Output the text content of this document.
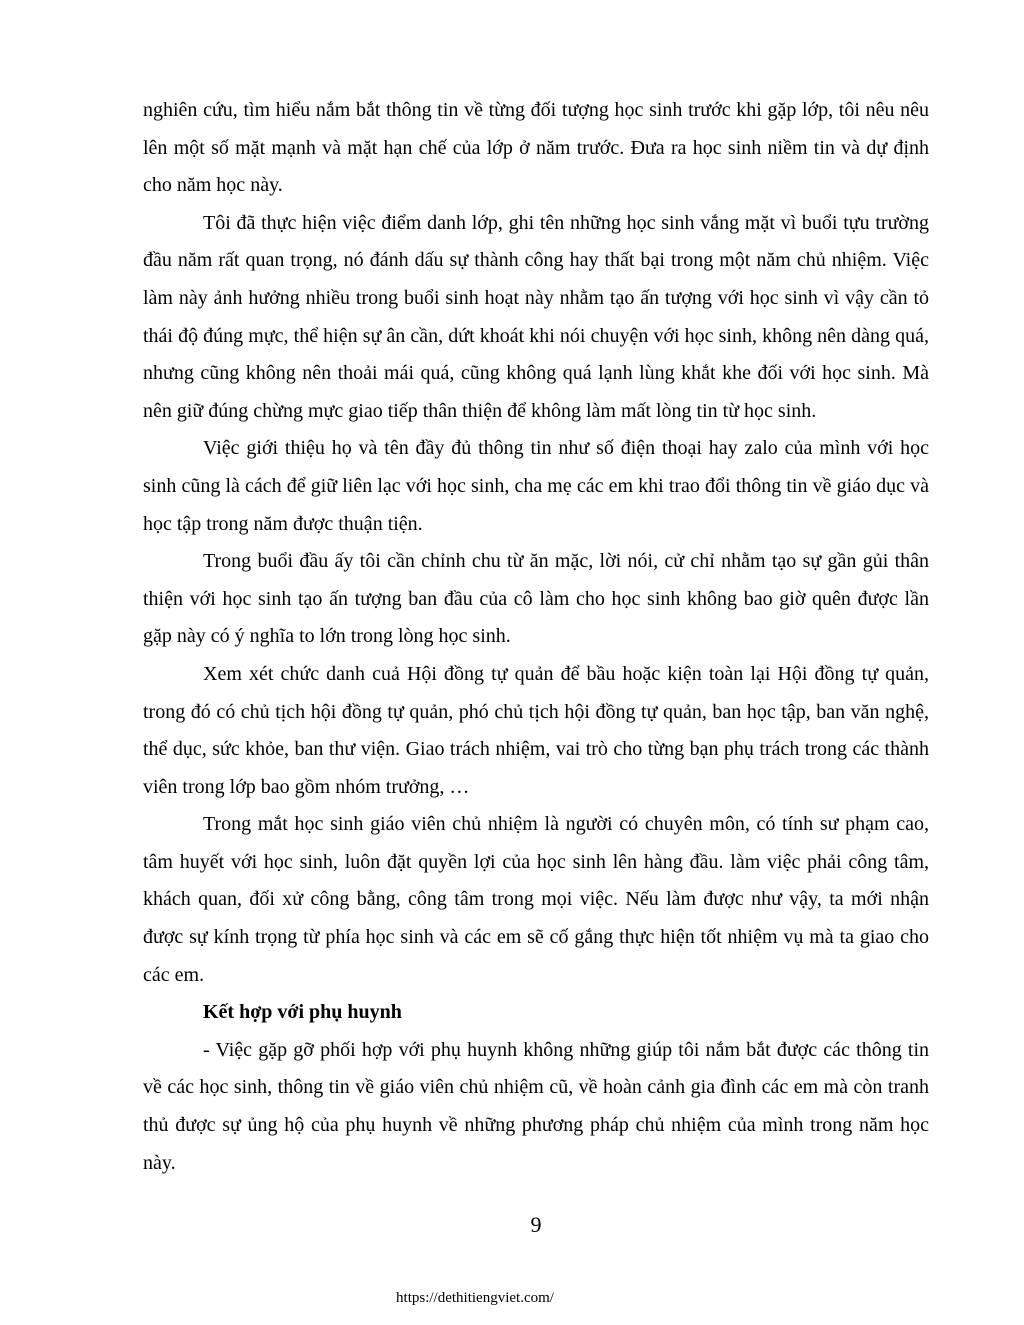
nghiên cứu, tìm hiểu nắm bắt thông tin về từng đối tượng học sinh trước khi gặp lớp, tôi nêu nêu lên một số mặt mạnh và mặt hạn chế của lớp ở năm trước. Đưa ra học sinh niềm tin và dự định cho năm học này.

Tôi đã thực hiện việc điểm danh lớp, ghi tên những học sinh vắng mặt vì buổi tựu trường đầu năm rất quan trọng, nó đánh dấu sự thành công hay thất bại trong một năm chủ nhiệm. Việc làm này ảnh hưởng nhiều trong buổi sinh hoạt này nhằm tạo ấn tượng với học sinh vì vậy cần tỏ thái độ đúng mực, thể hiện sự ân cần, dứt khoát khi nói chuyện với học sinh, không nên dàng quá, nhưng cũng không nên thoải mái quá, cũng không quá lạnh lùng khắt khe đối với học sinh. Mà nên giữ đúng chừng mực giao tiếp thân thiện để không làm mất lòng tin từ học sinh.

Việc giới thiệu họ và tên đầy đủ thông tin như số điện thoại hay zalo của mình với học sinh cũng là cách để giữ liên lạc với học sinh, cha mẹ các em khi trao đổi thông tin về giáo dục và học tập trong năm được thuận tiện.

Trong buổi đầu ấy tôi cần chỉnh chu từ ăn mặc, lời nói, cử chỉ nhằm tạo sự gần gủi thân thiện với học sinh tạo ấn tượng ban đầu của cô làm cho học sinh không bao giờ quên được lần gặp này có ý nghĩa to lớn trong lòng học sinh.

Xem xét chức danh cuả Hội đồng tự quản để bầu hoặc kiện toàn lại Hội đồng tự quản, trong đó có chủ tịch hội đồng tự quản, phó chủ tịch hội đồng tự quản, ban học tập, ban văn nghệ, thể dục, sức khỏe, ban thư viện. Giao trách nhiệm, vai trò cho từng bạn phụ trách trong các thành viên trong lớp bao gồm nhóm trưởng, …

Trong mắt học sinh giáo viên chủ nhiệm là người có chuyên môn, có tính sư phạm cao, tâm huyết với học sinh, luôn đặt quyền lợi của học sinh lên hàng đầu. làm việc phải công tâm, khách quan, đối xử công bằng, công tâm trong mọi việc. Nếu làm được như vậy, ta mới nhận được sự kính trọng từ phía học sinh và các em sẽ cố gắng thực hiện tốt nhiệm vụ mà ta giao cho các em.

Kết hợp với phụ huynh

- Việc gặp gỡ phối hợp với phụ huynh không những giúp tôi nắm bắt được các thông tin về các học sinh, thông tin về giáo viên chủ nhiệm cũ, về hoàn cảnh gia đình các em mà còn tranh thủ được sự ủng hộ của phụ huynh về những phương pháp chủ nhiệm của mình trong năm học này.

9
https://dethitiengviet.com/
